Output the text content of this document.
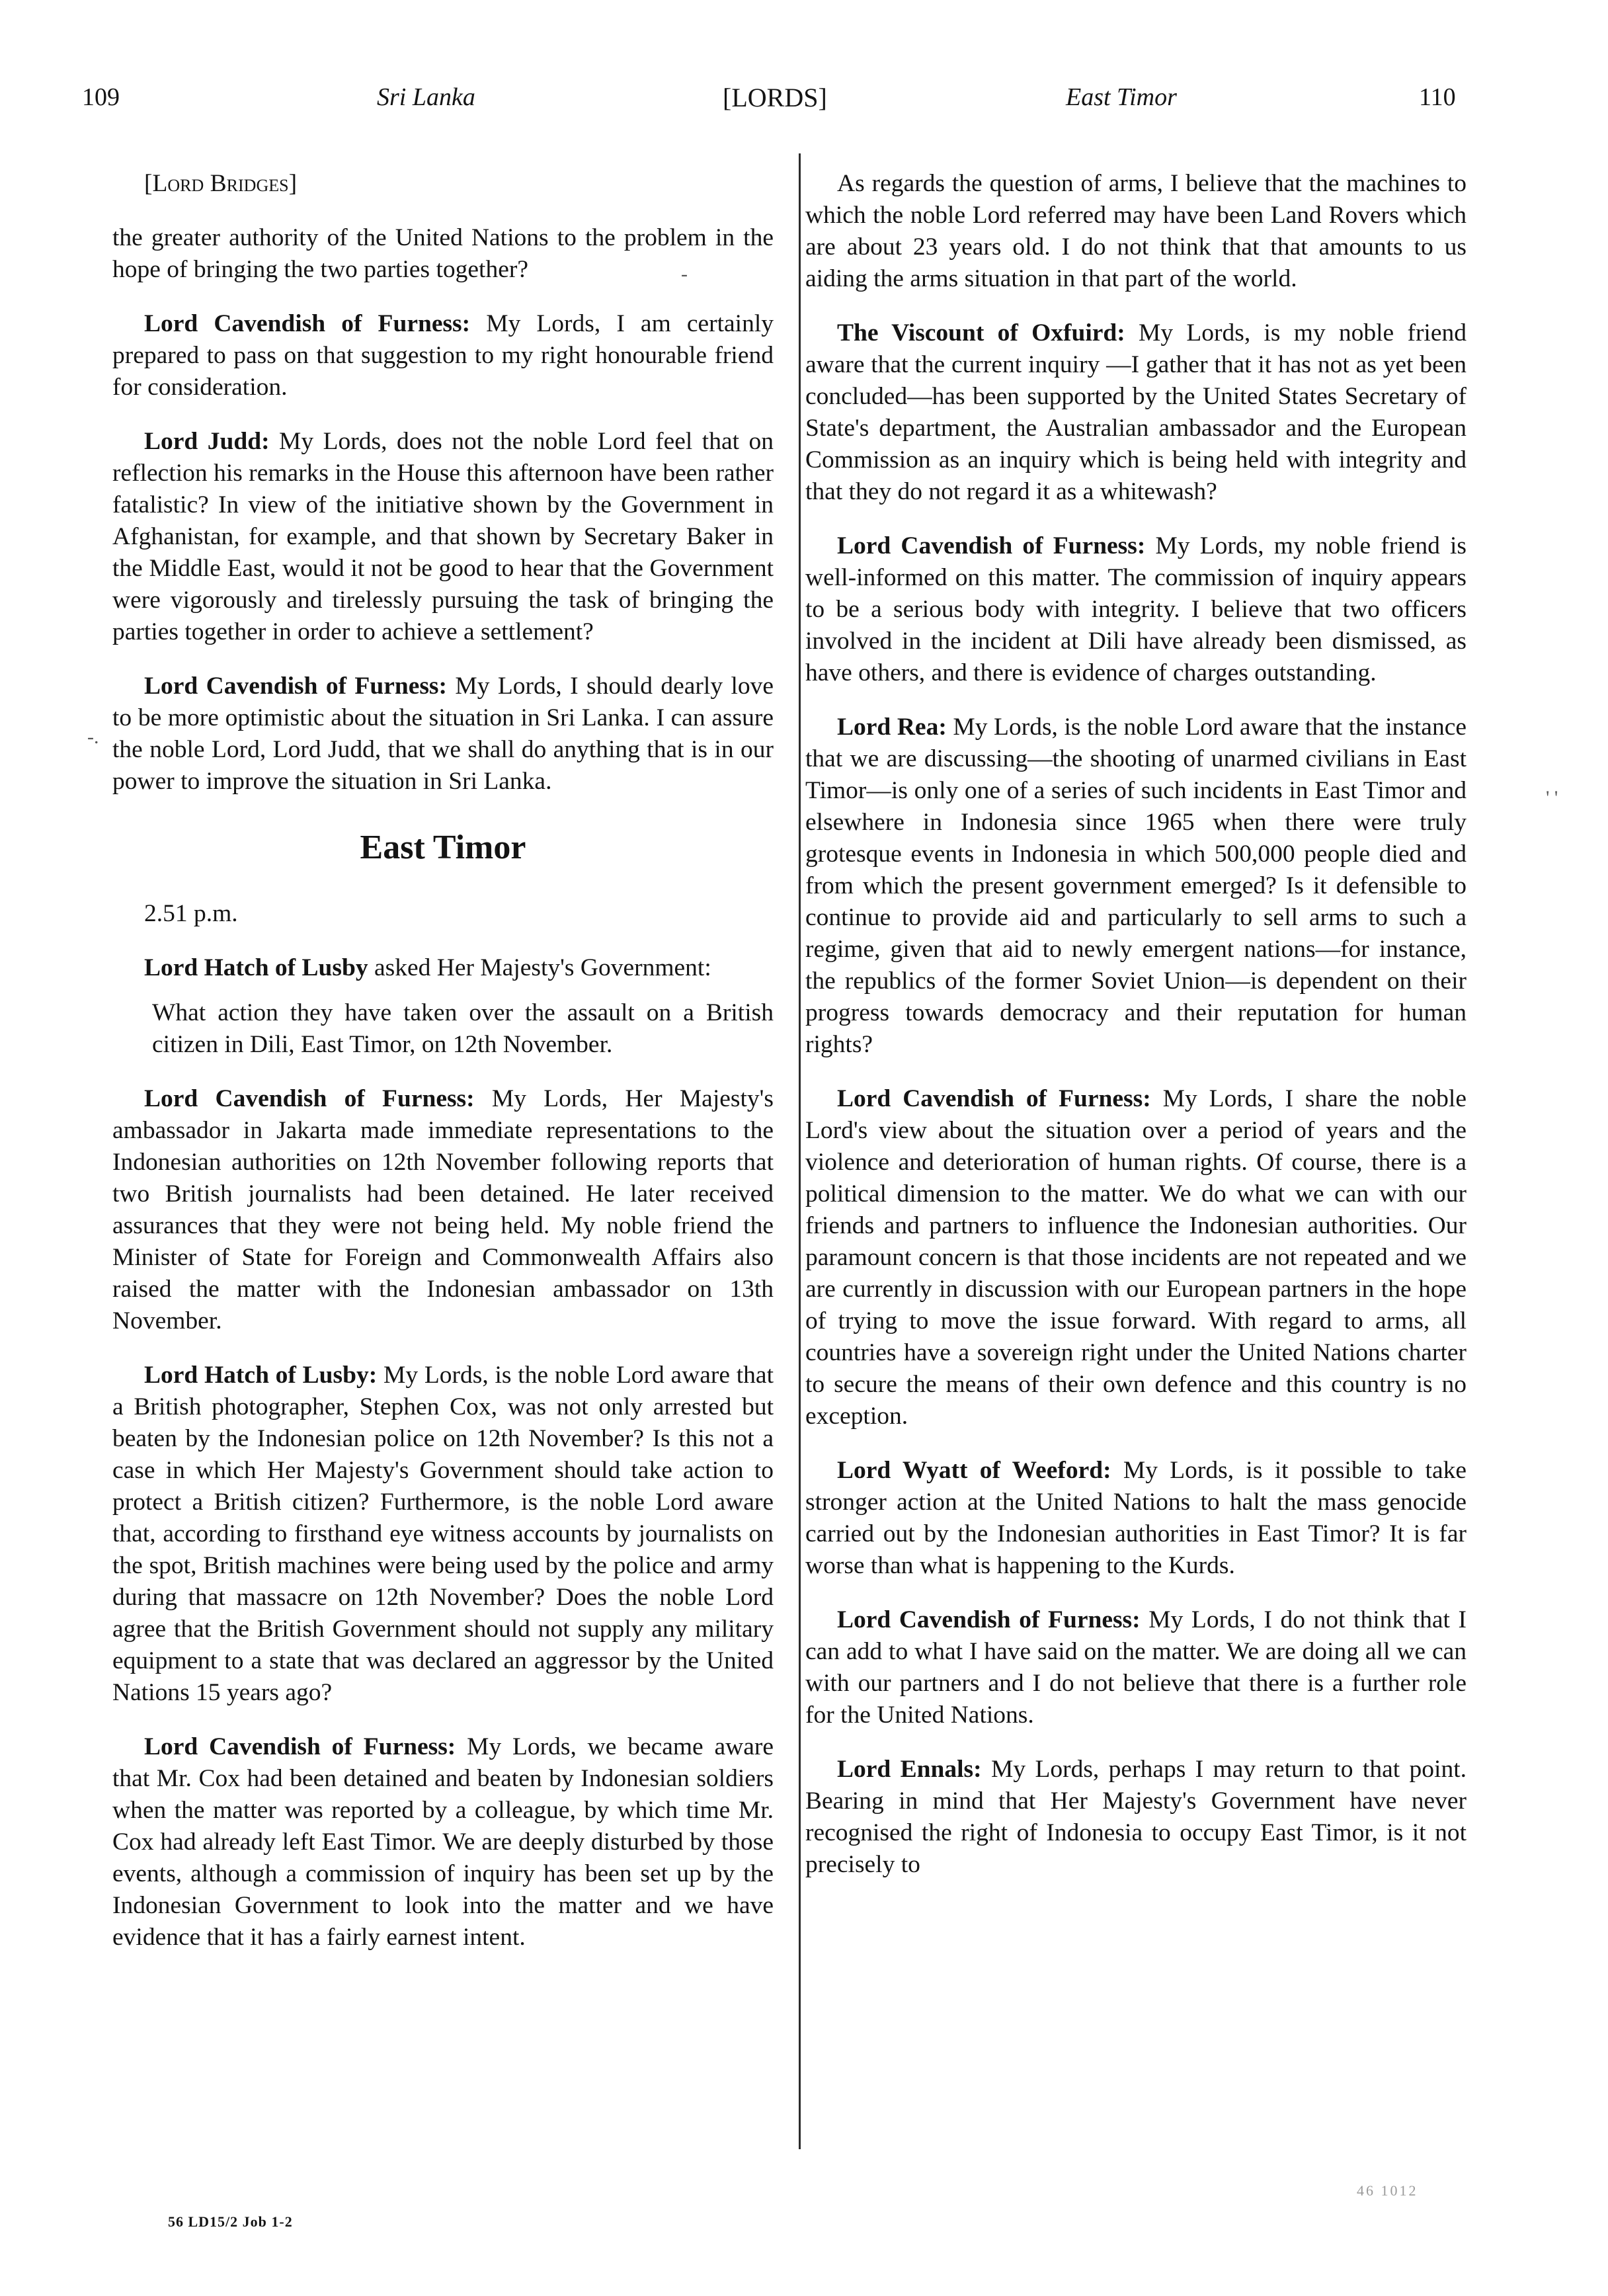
109	Sri Lanka	[LORDS]	East Timor	110
-
-.
' '

[Lord Bridges]

the greater authority of the United Nations to the problem in the hope of bringing the two parties together?

Lord Cavendish of Furness: My Lords, I am certainly prepared to pass on that suggestion to my right honourable friend for consideration.

Lord Judd: My Lords, does not the noble Lord feel that on reflection his remarks in the House this afternoon have been rather fatalistic? In view of the initiative shown by the Government in Afghanistan, for example, and that shown by Secretary Baker in the Middle East, would it not be good to hear that the Government were vigorously and tirelessly pursuing the task of bringing the parties together in order to achieve a settlement?

Lord Cavendish of Furness: My Lords, I should dearly love to be more optimistic about the situation in Sri Lanka. I can assure the noble Lord, Lord Judd, that we shall do anything that is in our power to improve the situation in Sri Lanka.

East Timor

2.51 p.m.

Lord Hatch of Lusby asked Her Majesty's Government:

What action they have taken over the assault on a British citizen in Dili, East Timor, on 12th November.

Lord Cavendish of Furness: My Lords, Her Majesty's ambassador in Jakarta made immediate representations to the Indonesian authorities on 12th November following reports that two British journalists had been detained. He later received assurances that they were not being held. My noble friend the Minister of State for Foreign and Commonwealth Affairs also raised the matter with the Indonesian ambassador on 13th November.

Lord Hatch of Lusby: My Lords, is the noble Lord aware that a British photographer, Stephen Cox, was not only arrested but beaten by the Indonesian police on 12th November? Is this not a case in which Her Majesty's Government should take action to protect a British citizen? Furthermore, is the noble Lord aware that, according to firsthand eye witness accounts by journalists on the spot, British machines were being used by the police and army during that massacre on 12th November? Does the noble Lord agree that the British Government should not supply any military equipment to a state that was declared an aggressor by the United Nations 15 years ago?

Lord Cavendish of Furness: My Lords, we became aware that Mr. Cox had been detained and beaten by Indonesian soldiers when the matter was reported by a colleague, by which time Mr. Cox had already left East Timor. We are deeply disturbed by those events, although a commission of inquiry has been set up by the Indonesian Government to look into the matter and we have evidence that it has a fairly earnest intent.

As regards the question of arms, I believe that the machines to which the noble Lord referred may have been Land Rovers which are about 23 years old. I do not think that that amounts to us aiding the arms situation in that part of the world.

The Viscount of Oxfuird: My Lords, is my noble friend aware that the current inquiry —I gather that it has not as yet been concluded—has been supported by the United States Secretary of State's department, the Australian ambassador and the European Commission as an inquiry which is being held with integrity and that they do not regard it as a whitewash?

Lord Cavendish of Furness: My Lords, my noble friend is well-informed on this matter. The commission of inquiry appears to be a serious body with integrity. I believe that two officers involved in the incident at Dili have already been dismissed, as have others, and there is evidence of charges outstanding.

Lord Rea: My Lords, is the noble Lord aware that the instance that we are discussing—the shooting of unarmed civilians in East Timor—is only one of a series of such incidents in East Timor and elsewhere in Indonesia since 1965 when there were truly grotesque events in Indonesia in which 500,000 people died and from which the present government emerged? Is it defensible to continue to provide aid and particularly to sell arms to such a regime, given that aid to newly emergent nations—for instance, the republics of the former Soviet Union—is dependent on their progress towards democracy and their reputation for human rights?

Lord Cavendish of Furness: My Lords, I share the noble Lord's view about the situation over a period of years and the violence and deterioration of human rights. Of course, there is a political dimension to the matter. We do what we can with our friends and partners to influence the Indonesian authorities. Our paramount concern is that those incidents are not repeated and we are currently in discussion with our European partners in the hope of trying to move the issue forward. With regard to arms, all countries have a sovereign right under the United Nations charter to secure the means of their own defence and this country is no exception.

Lord Wyatt of Weeford: My Lords, is it possible to take stronger action at the United Nations to halt the mass genocide carried out by the Indonesian authorities in East Timor? It is far worse than what is happening to the Kurds.

Lord Cavendish of Furness: My Lords, I do not think that I can add to what I have said on the matter. We are doing all we can with our partners and I do not believe that there is a further role for the United Nations.

Lord Ennals: My Lords, perhaps I may return to that point. Bearing in mind that Her Majesty's Government have never recognised the right of Indonesia to occupy East Timor, is it not precisely to

56 LD15/2 Job 1-2
46 1012
